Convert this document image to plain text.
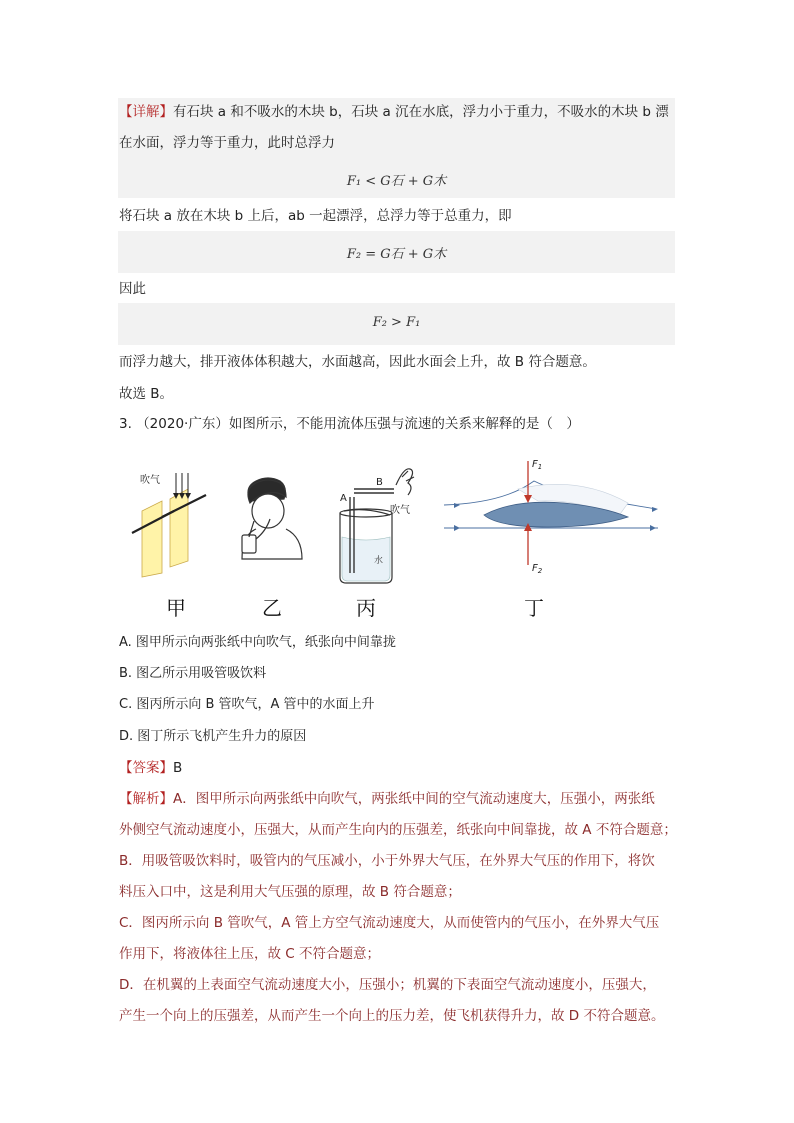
【详解】有石块 a 和不吸水的木块 b，石块 a 沉在水底，浮力小于重力，不吸水的木块 b 漂
在水面，浮力等于重力，此时总浮力
F₁ < G石 + G木
将石块 a 放在木块 b 上后，ab 一起漂浮，总浮力等于总重力，即
F₂ = G石 + G木
因此
F₂ > F₁
而浮力越大，排开液体体积越大，水面越高，因此水面会上升，故 B 符合题意。
故选 B。
3. （2020·广东）如图所示，不能用流体压强与流速的关系来解释的是（　）
吹气
A
B
吹气
水
$F_1$
$F_2$
甲	乙	丙	丁
A. 图甲所示向两张纸中向吹气，纸张向中间靠拢
B. 图乙所示用吸管吸饮料
C. 图丙所示向 B 管吹气，A 管中的水面上升
D. 图丁所示飞机产生升力的原因
【答案】B
【解析】A．图甲所示向两张纸中向吹气，两张纸中间的空气流动速度大，压强小，两张纸
外侧空气流动速度小，压强大，从而产生向内的压强差，纸张向中间靠拢，故 A 不符合题意；
B．用吸管吸饮料时，吸管内的气压减小，小于外界大气压，在外界大气压的作用下，将饮
料压入口中，这是利用大气压强的原理，故 B 符合题意；
C．图丙所示向 B 管吹气，A 管上方空气流动速度大，从而使管内的气压小，在外界大气压
作用下，将液体往上压，故 C 不符合题意；
D．在机翼的上表面空气流动速度大小，压强小；机翼的下表面空气流动速度小，压强大，
产生一个向上的压强差，从而产生一个向上的压力差，使飞机获得升力，故 D 不符合题意。
